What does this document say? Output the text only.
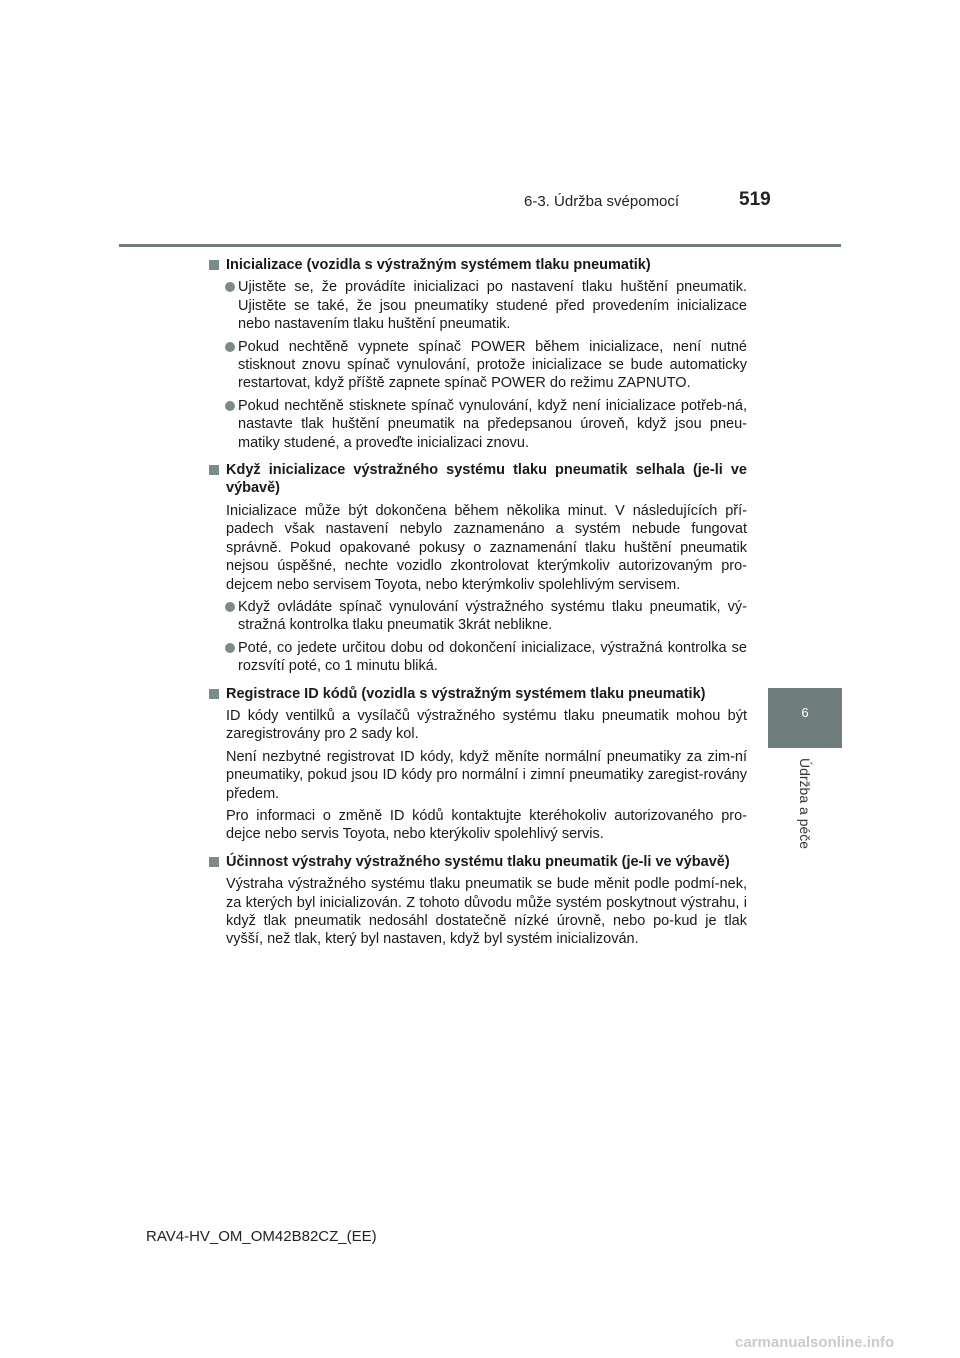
6-3. Údržba svépomocí	519
6
Údržba a péče
Inicializace (vozidla s výstražným systémem tlaku pneumatik)
Ujistěte se, že provádíte inicializaci po nastavení tlaku huštění pneumatik. Ujistěte se také, že jsou pneumatiky studené před provedením inicializace nebo nastavením tlaku huštění pneumatik.
Pokud nechtěně vypnete spínač POWER během inicializace, není nutné stisknout znovu spínač vynulování, protože inicializace se bude automaticky restartovat, když příště zapnete spínač POWER do režimu ZAPNUTO.
Pokud nechtěně stisknete spínač vynulování, když není inicializace potřeb-ná, nastavte tlak huštění pneumatik na předepsanou úroveň, když jsou pneu-matiky studené, a proveďte inicializaci znovu.
Když inicializace výstražného systému tlaku pneumatik selhala (je-li ve výbavě)
Inicializace může být dokončena během několika minut. V následujících pří-padech však nastavení nebylo zaznamenáno a systém nebude fungovat správně. Pokud opakované pokusy o zaznamenání tlaku huštění pneumatik nejsou úspěšné, nechte vozidlo zkontrolovat kterýmkoliv autorizovaným pro-dejcem nebo servisem Toyota, nebo kterýmkoliv spolehlivým servisem.
Když ovládáte spínač vynulování výstražného systému tlaku pneumatik, vý-stražná kontrolka tlaku pneumatik 3krát neblikne.
Poté, co jedete určitou dobu od dokončení inicializace, výstražná kontrolka se rozsvítí poté, co 1 minutu bliká.
Registrace ID kódů (vozidla s výstražným systémem tlaku pneumatik)
ID kódy ventilků a vysílačů výstražného systému tlaku pneumatik mohou být zaregistrovány pro 2 sady kol.
Není nezbytné registrovat ID kódy, když měníte normální pneumatiky za zim-ní pneumatiky, pokud jsou ID kódy pro normální i zimní pneumatiky zaregist-rovány předem.
Pro informaci o změně ID kódů kontaktujte kteréhokoliv autorizovaného pro-dejce nebo servis Toyota, nebo kterýkoliv spolehlivý servis.
Účinnost výstrahy výstražného systému tlaku pneumatik (je-li ve výbavě)
Výstraha výstražného systému tlaku pneumatik se bude měnit podle podmí-nek, za kterých byl inicializován. Z tohoto důvodu může systém poskytnout výstrahu, i když tlak pneumatik nedosáhl dostatečně nízké úrovně, nebo po-kud je tlak vyšší, než tlak, který byl nastaven, když byl systém inicializován.
RAV4-HV_OM_OM42B82CZ_(EE)
carmanualsonline.info
